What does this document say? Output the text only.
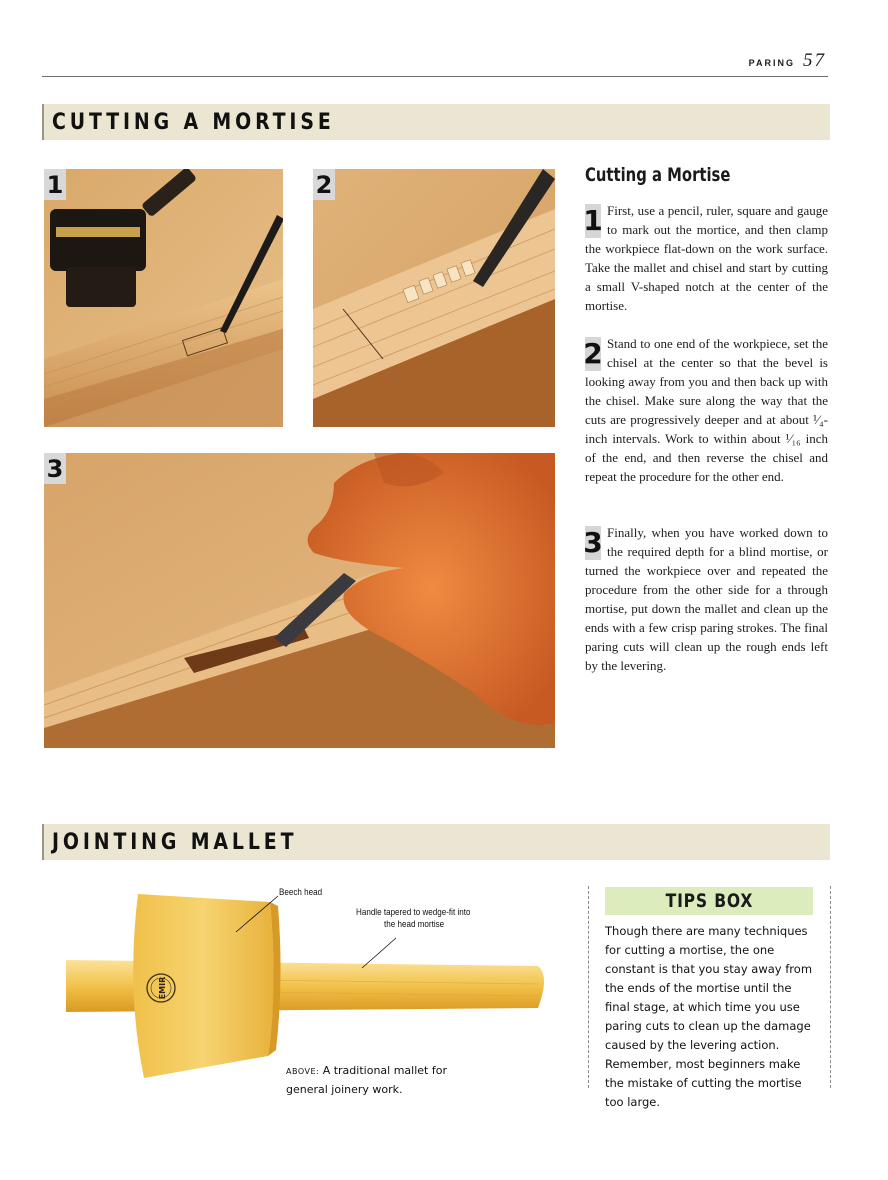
PARING 57
CUTTING A MORTISE
1	2
3
Cutting a Mortise
1 First, use a pencil, ruler, square and gauge to mark out the mortice, and then clamp the workpiece flat-down on the work surface. Take the mallet and chisel and start by cutting a small V-shaped notch at the center of the mortise.
2 Stand to one end of the workpiece, set the chisel at the center so that the bevel is looking away from you and then back up with the chisel. Make sure along the way that the cuts are progressively deeper and at about ¹⁄₄-inch intervals. Work to within about ¹⁄₁₆ inch of the end, and then reverse the chisel and repeat the procedure for the other end.
3 Finally, when you have worked down to the required depth for a blind mortise, or turned the workpiece over and repeated the procedure from the other side for a through mortise, put down the mallet and clean up the ends with a few crisp paring strokes. The final paring cuts will clean up the rough ends left by the levering.
JOINTING MALLET
EMIR
Beech head
Handle tapered to wedge-fit into
the head mortise
ABOVE: A traditional mallet for general joinery work.
TIPS BOX
Though there are many techniques for cutting a mortise, the one constant is that you stay away from the ends of the mortise until the final stage, at which time you use paring cuts to clean up the damage caused by the levering action. Remember, most beginners make the mistake of cutting the mortise too large.
